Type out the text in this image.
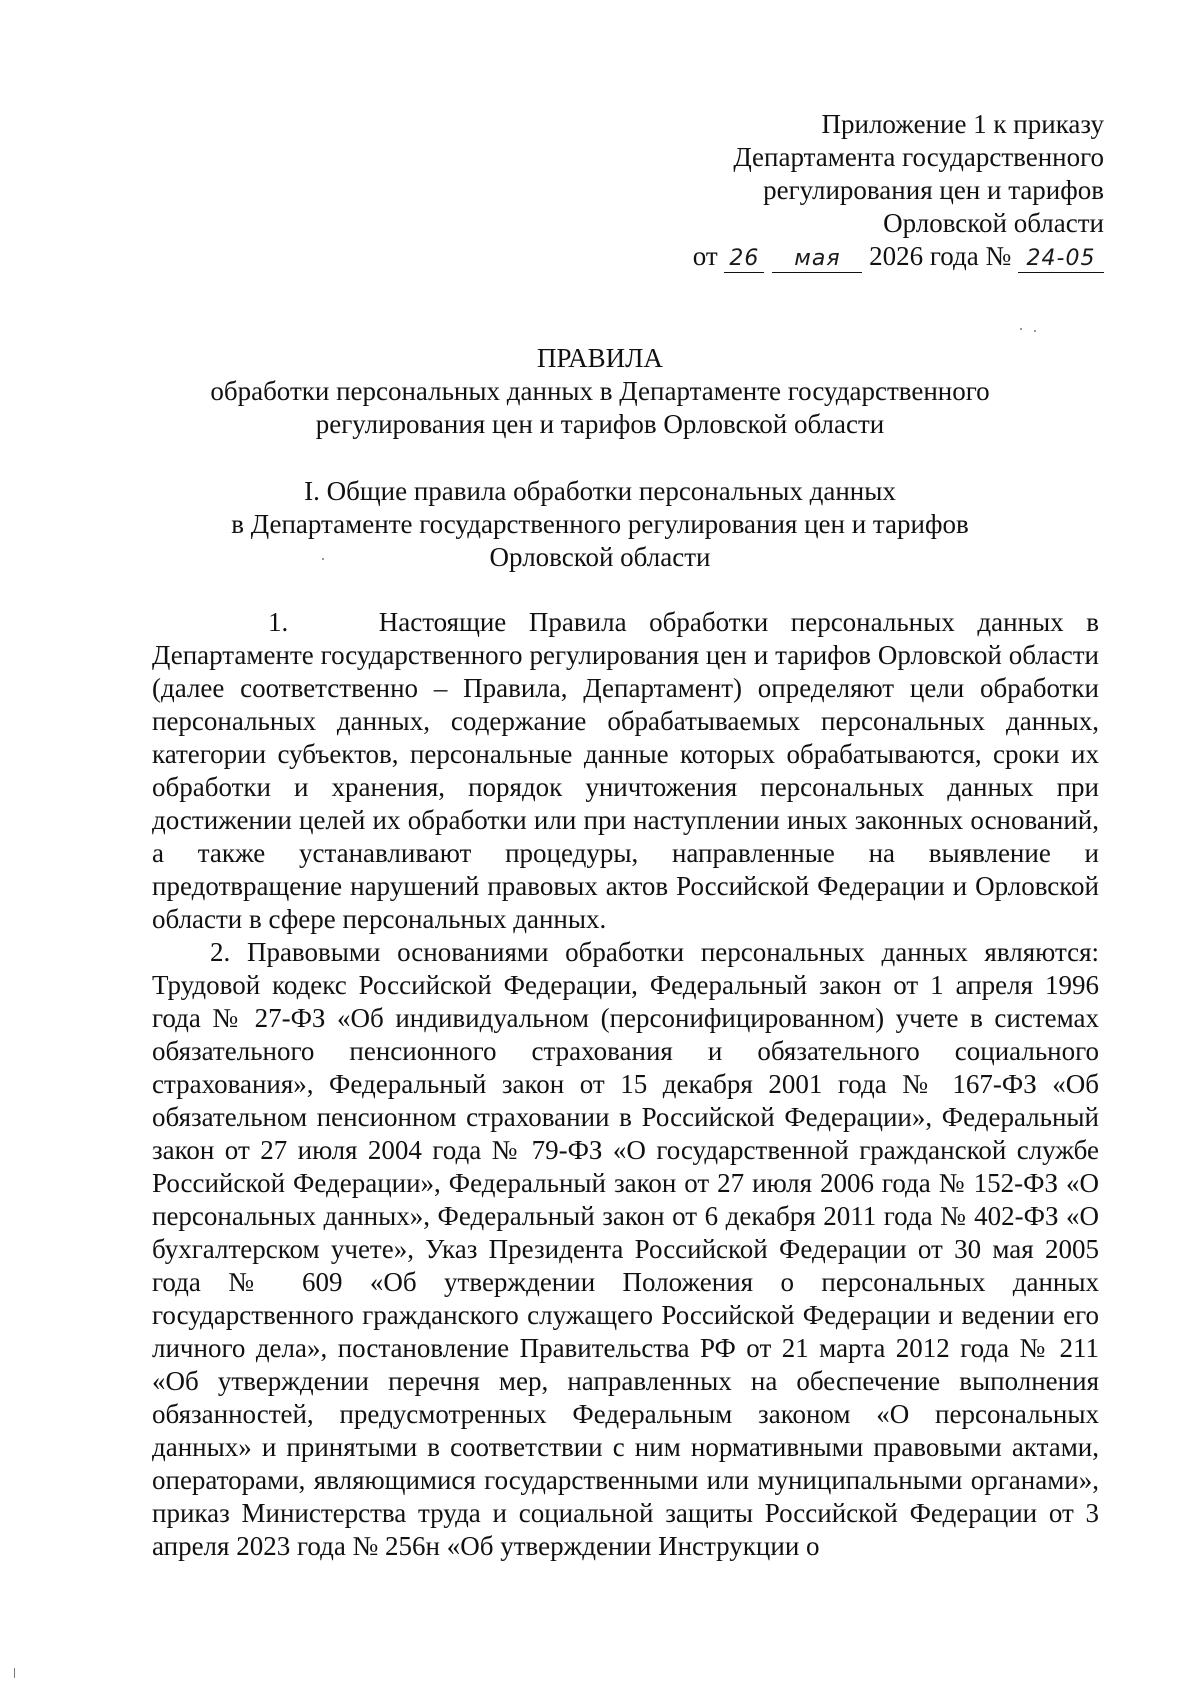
Приложение 1 к приказу
Департамента государственного
регулирования цен и тарифов
Орловской области
от 26 мая 2026 года № 24-05
ПРАВИЛА
обработки персональных данных в Департаменте государственного
регулирования цен и тарифов Орловской области
I. Общие правила обработки персональных данных
в Департаменте государственного регулирования цен и тарифов
Орловской области

1.	Настоящие Правила обработки персональных данных в Департаменте государственного регулирования цен и тарифов Орловской области (далее соответственно – Правила, Департамент) определяют цели обработки персональных данных, содержание обрабатываемых персональных данных, категории субъектов, персональные данные которых обрабатываются, сроки их обработки и хранения, порядок уничтожения персональных данных при достижении целей их обработки или при наступлении иных законных оснований, а также устанавливают процедуры, направленные на выявление и предотвращение нарушений правовых актов Российской Федерации и Орловской области в сфере персональных данных.

2. Правовыми основаниями обработки персональных данных являются: Трудовой кодекс Российской Федерации, Федеральный закон от 1 апреля 1996 года № 27-ФЗ «Об индивидуальном (персонифицированном) учете в системах обязательного пенсионного страхования и обязательного социального страхования», Федеральный закон от 15 декабря 2001 года № 167-ФЗ «Об обязательном пенсионном страховании в Российской Федерации», Федеральный закон от 27 июля 2004 года № 79-ФЗ «О государственной гражданской службе Российской Федерации», Федеральный закон от 27 июля 2006 года № 152-ФЗ «О персональных данных», Федеральный закон от 6 декабря 2011 года № 402-ФЗ «О бухгалтерском учете», Указ Президента Российской Федерации от 30 мая 2005 года № 609 «Об утверждении Положения о персональных данных государственного гражданского служащего Российской Федерации и ведении его личного дела», постановление Правительства РФ от 21 марта 2012 года № 211 «Об утверждении перечня мер, направленных на обеспечение выполнения обязанностей, предусмотренных Федеральным законом «О персональных данных» и принятыми в соответствии с ним нормативными правовыми актами, операторами, являющимися государственными или муниципальными органами», приказ Министерства труда и социальной защиты Российской Федерации от 3 апреля 2023 года № 256н «Об утверждении Инструкции о
